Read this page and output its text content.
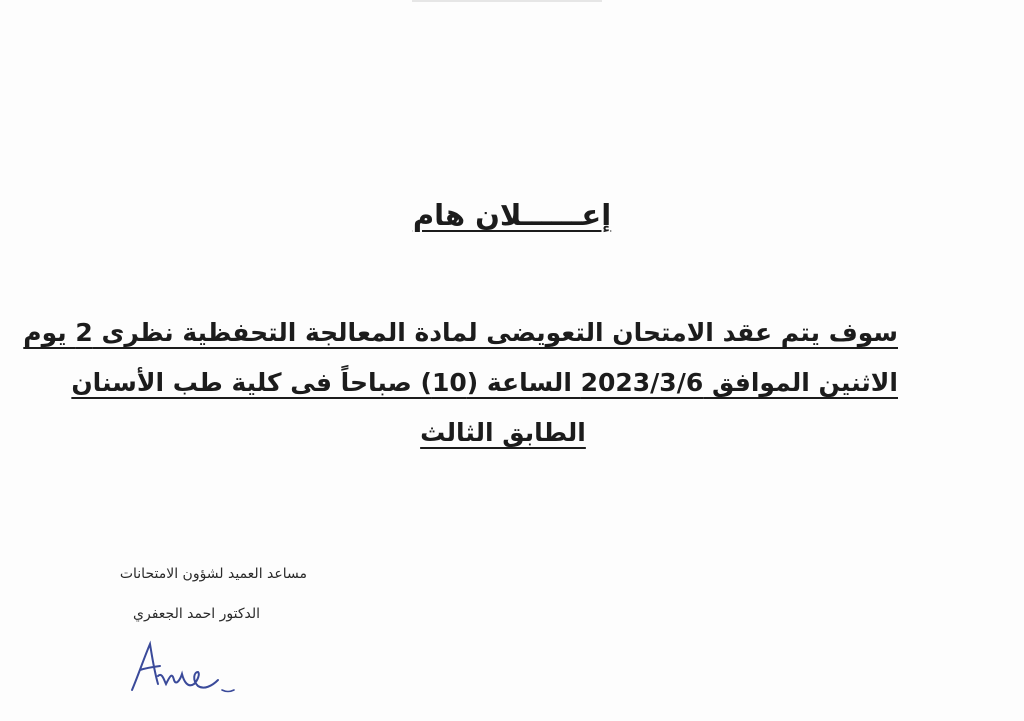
إعــــــلان هام
سوف يتم عقد الامتحان التعويضى لمادة المعالجة التحفظية نظرى 2 يوم
الاثنين الموافق 2023/3/6 الساعة (10) صباحاً فى كلية طب الأسنان
الطابق الثالث
مساعد العميد لشؤون الامتحانات
الدكتور احمد الجعفري
